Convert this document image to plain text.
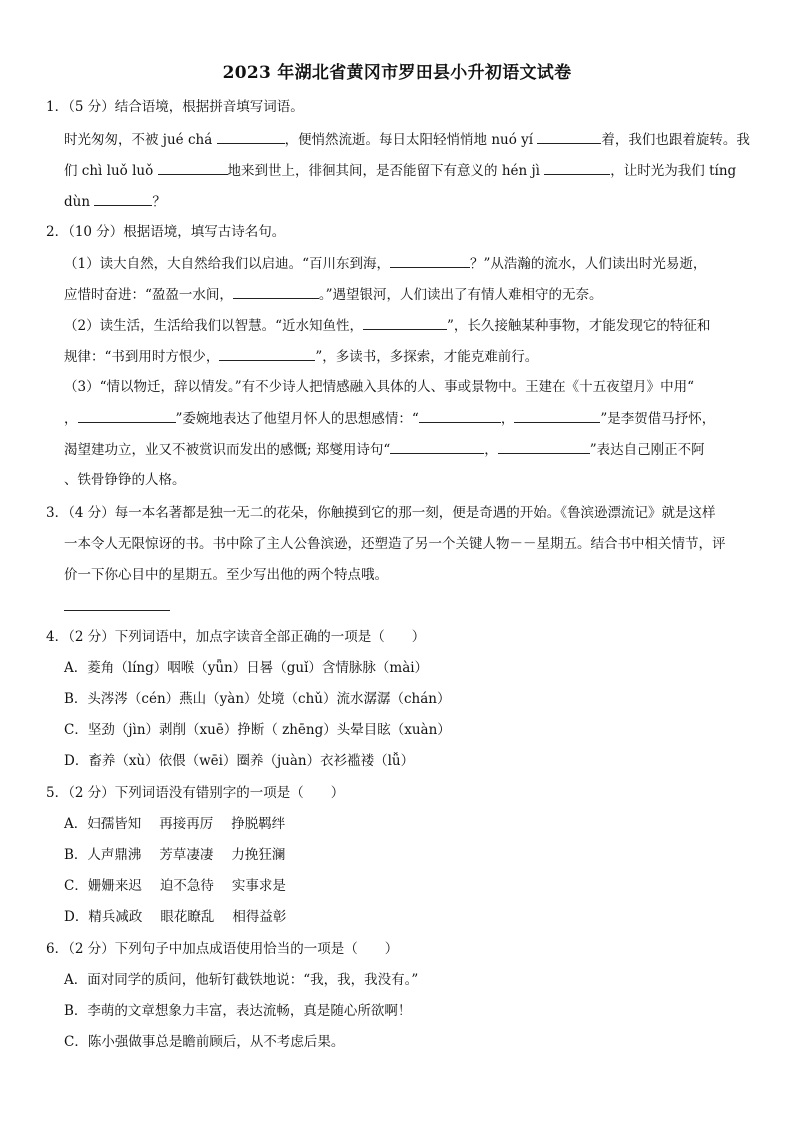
2023 年湖北省黄冈市罗田县小升初语文试卷
1．（5 分）结合语境，根据拼音填写词语。
时光匆匆，不被 jué chá	，便悄然流逝。每日太阳轻悄悄地 nuó yí	着，我们也跟着旋转。我
们 chì luǒ luǒ	地来到世上，徘徊其间，是否能留下有意义的 hén jì	，让时光为我们 tíng
dùn	？
2．（10 分）根据语境，填写古诗名句。
（1）读大自然，大自然给我们以启迪。“百川东到海，	？”从浩瀚的流水，人们读出时光易逝，
应惜时奋进：“盈盈一水间，	。”遇望银河，人们读出了有情人难相守的无奈。
（2）读生活，生活给我们以智慧。“近水知鱼性，	”，长久接触某种事物，才能发现它的特征和
规律：“书到用时方恨少，	”，多读书，多探索，才能克难前行。
（3）“情以物迁，辞以情发。”有不少诗人把情感融入具体的人、事或景物中。王建在《十五夜望月》中用“
，	”委婉地表达了他望月怀人的思想感情：“	，	”是李贺借马抒怀，
渴望建功立，业又不被赏识而发出的感慨; 郑燮用诗句“	，	”表达自己刚正不阿
、铁骨铮铮的人格。
3．（4 分）每一本名著都是独一无二的花朵，你触摸到它的那一刻，便是奇遇的开始。《鲁滨逊漂流记》就是这样
一本令人无限惊讶的书。书中除了主人公鲁滨逊，还塑造了另一个关键人物－－星期五。结合书中相关情节，评
价一下你心目中的星期五。至少写出他的两个特点哦。
4．（2 分）下列词语中，加点字读音全部正确的一项是（　　）
A．菱角（líng）咽喉（yǖn）日晷（guǐ）含情脉脉（mài）
B．头涔涔（cén）燕山（yàn）处境（chǔ）流水潺潺（chán）
C．坚劲（jìn）剥削（xuē）挣断（ zhēng）头晕目眩（xuàn）
D．畜养（xù）依偎（wēi）圈养（juàn）衣衫褴褛（lǚ）
5．（2 分）下列词语没有错别字的一项是（　　）
A．妇孺皆知 再接再厉 挣脱羁绊
B．人声鼎沸 芳草凄凄 力挽狂澜
C．姗姗来迟 迫不急待 实事求是
D．精兵减政 眼花瞭乱 相得益彰
6．（2 分）下列句子中加点成语使用恰当的一项是（　　）
A．面对同学的质问，他斩钉截铁地说：“我，我，我没有。”
B．李萌的文章想象力丰富，表达流畅，真是随心所欲啊！
C．陈小强做事总是瞻前顾后，从不考虑后果。
